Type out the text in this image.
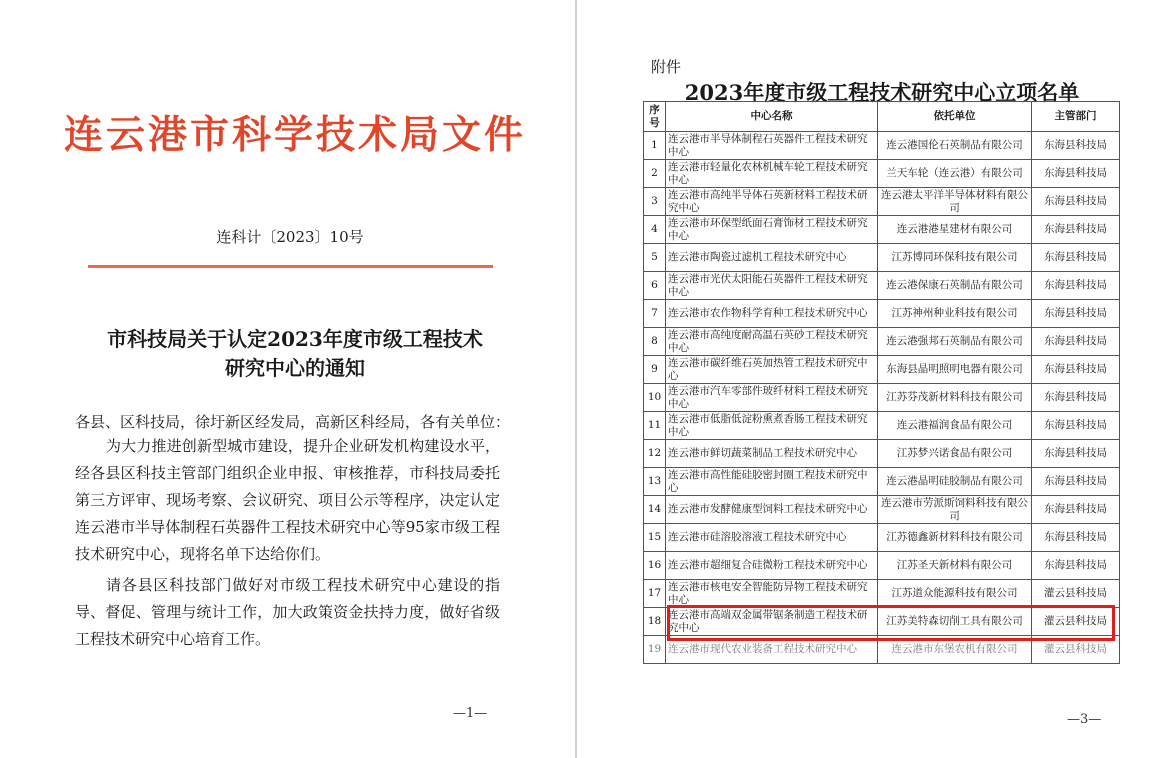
连云港市科学技术局文件
连科计〔2023〕10号
市科技局关于认定2023年度市级工程技术
研究中心的通知
各县、区科技局，徐圩新区经发局，高新区科经局，各有关单位：
为大力推进创新型城市建设，提升企业研发机构建设水平，经各县区科技主管部门组织企业申报、审核推荐，市科技局委托第三方评审、现场考察、会议研究、项目公示等程序，决定认定连云港市半导体制程石英器件工程技术研究中心等95家市级工程技术研究中心，现将名单下达给你们。
请各县区科技部门做好对市级工程技术研究中心建设的指导、督促、管理与统计工作，加大政策资金扶持力度，做好省级工程技术研究中心培育工作。
—1—
附件
2023年度市级工程技术研究中心立项名单
序号	中心名称	依托单位	主管部门
1	连云港市半导体制程石英器件工程技术研究中心	连云港国伦石英制品有限公司	东海县科技局
2	连云港市轻量化农林机械车轮工程技术研究中心	兰天车轮（连云港）有限公司	东海县科技局
3	连云港市高纯半导体石英新材料工程技术研究中心	连云港太平洋半导体材料有限公司	东海县科技局
4	连云港市环保型纸面石膏饰材工程技术研究中心	连云港港星建材有限公司	东海县科技局
5	连云港市陶瓷过滤机工程技术研究中心	江苏博同环保科技有限公司	东海县科技局
6	连云港市光伏太阳能石英器件工程技术研究中心	连云港保康石英制品有限公司	东海县科技局
7	连云港市农作物科学育种工程技术研究中心	江苏神州种业科技有限公司	东海县科技局
8	连云港市高纯度耐高温石英砂工程技术研究中心	连云港强邦石英制品有限公司	东海县科技局
9	连云港市碳纤维石英加热管工程技术研究中心	东海县晶明照明电器有限公司	东海县科技局
10	连云港市汽车零部件玻纤材料工程技术研究中心	江苏芬茂新材料科技有限公司	东海县科技局
11	连云港市低脂低淀粉熏煮香肠工程技术研究中心	连云港福润食品有限公司	东海县科技局
12	连云港市鲜切蔬菜制品工程技术研究中心	江苏梦兴诺食品有限公司	东海县科技局
13	连云港市高性能硅胶密封圈工程技术研究中心	连云港晶明硅胶制品有限公司	东海县科技局
14	连云港市发酵健康型饲料工程技术研究中心	连云港市劳派斯饲料科技有限公司	东海县科技局
15	连云港市硅溶胶溶液工程技术研究中心	江苏德鑫新材料科技有限公司	东海县科技局
16	连云港市超细复合硅微粉工程技术研究中心	江苏圣天新材料有限公司	东海县科技局
17	连云港市核电安全智能防异物工程技术研究中心	江苏道众能源科技有限公司	灌云县科技局
18	连云港市高端双金属带锯条制造工程技术研究中心	江苏美特森切削工具有限公司	灌云县科技局
19	连云港市现代农业装备工程技术研究中心	连云港市东堡农机有限公司	灌云县科技局
—3—
